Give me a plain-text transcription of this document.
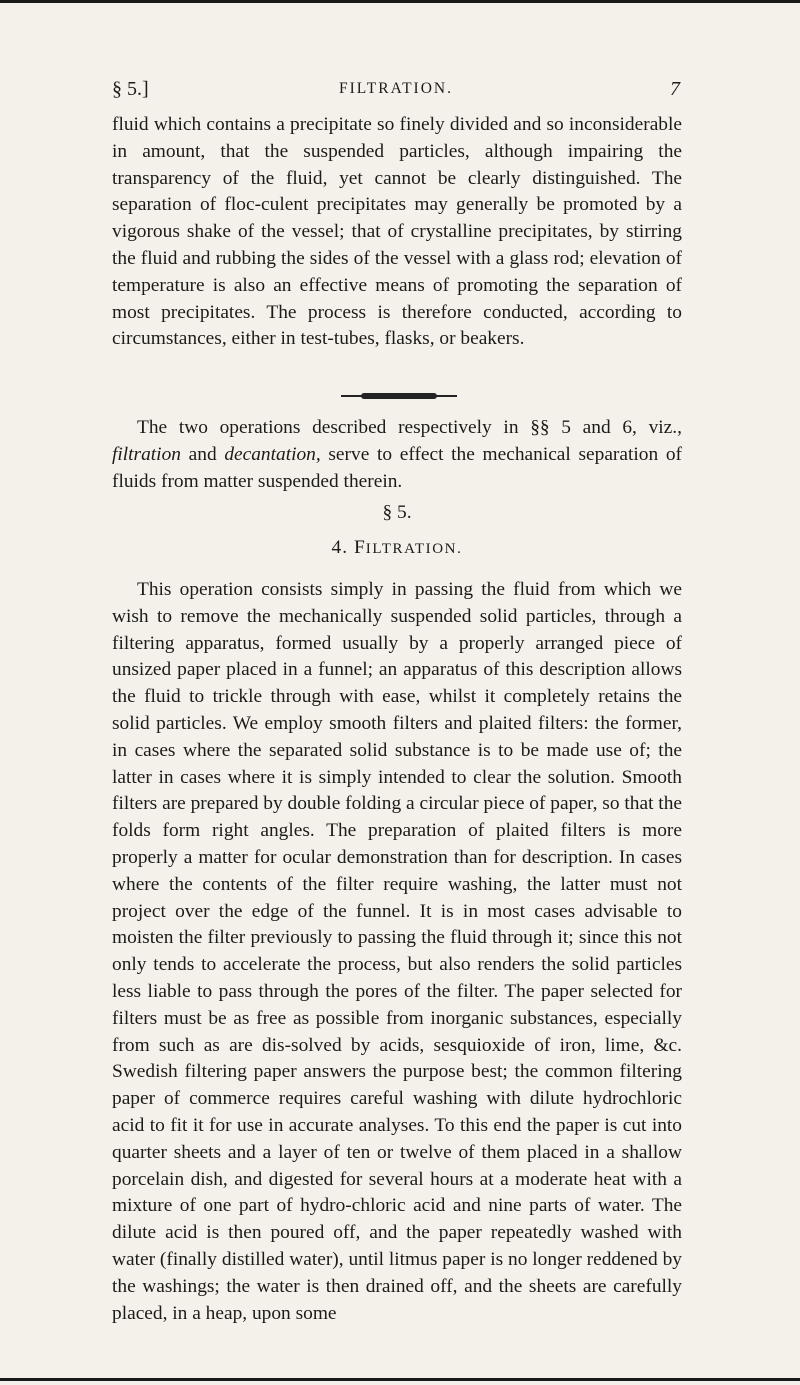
§ 5.]	FILTRATION.	7

fluid which contains a precipitate so finely divided and so inconsiderable in amount, that the suspended particles, although impairing the transparency of the fluid, yet cannot be clearly distinguished. The separation of floc-culent precipitates may generally be promoted by a vigorous shake of the vessel; that of crystalline precipitates, by stirring the fluid and rubbing the sides of the vessel with a glass rod; elevation of temperature is also an effective means of promoting the separation of most precipitates. The process is therefore conducted, according to circumstances, either in test-tubes, flasks, or beakers.

The two operations described respectively in §§ 5 and 6, viz., filtration and decantation, serve to effect the mechanical separation of fluids from matter suspended therein.

§ 5.
4. FILTRATION.

This operation consists simply in passing the fluid from which we wish to remove the mechanically suspended solid particles, through a filtering apparatus, formed usually by a properly arranged piece of unsized paper placed in a funnel; an apparatus of this description allows the fluid to trickle through with ease, whilst it completely retains the solid particles. We employ smooth filters and plaited filters: the former, in cases where the separated solid substance is to be made use of; the latter in cases where it is simply intended to clear the solution. Smooth filters are prepared by double folding a circular piece of paper, so that the folds form right angles. The preparation of plaited filters is more properly a matter for ocular demonstration than for description. In cases where the contents of the filter require washing, the latter must not project over the edge of the funnel. It is in most cases advisable to moisten the filter previously to passing the fluid through it; since this not only tends to accelerate the process, but also renders the solid particles less liable to pass through the pores of the filter. The paper selected for filters must be as free as possible from inorganic substances, especially from such as are dis-solved by acids, sesquioxide of iron, lime, &c. Swedish filtering paper answers the purpose best; the common filtering paper of commerce requires careful washing with dilute hydrochloric acid to fit it for use in accurate analyses. To this end the paper is cut into quarter sheets and a layer of ten or twelve of them placed in a shallow porcelain dish, and digested for several hours at a moderate heat with a mixture of one part of hydro-chloric acid and nine parts of water. The dilute acid is then poured off, and the paper repeatedly washed with water (finally distilled water), until litmus paper is no longer reddened by the washings; the water is then drained off, and the sheets are carefully placed, in a heap, upon some
